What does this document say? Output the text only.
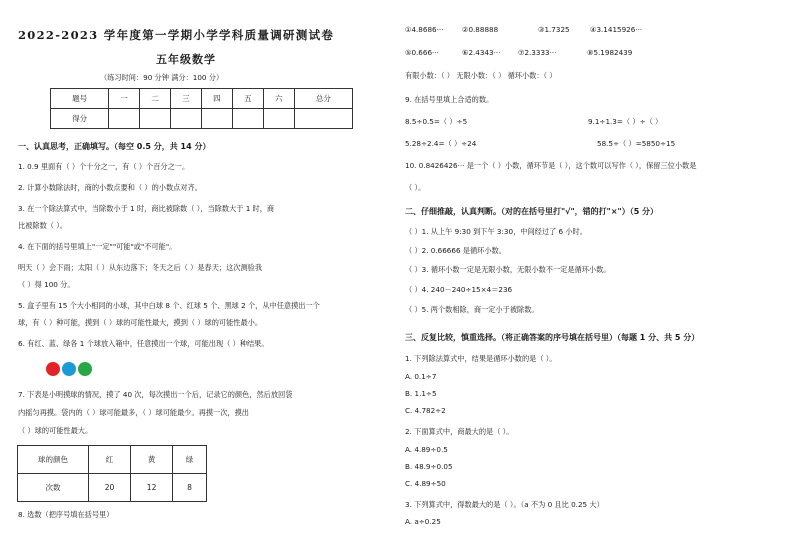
2022-2023 学年度第一学期小学学科质量调研测试卷
五年级数学
（练习时间：90 分钟 满分：100 分）
题号	一	二	三	四	五	六	总分
得分							
一、认真思考，正确填写。（每空 0.5 分，共 14 分）
1. 0.9 里面有（ ）个十分之一，有（ ）个百分之一。
2. 计算小数除法时，商的小数点要和（ ）的小数点对齐。
3. 在一个除法算式中，当除数小于 1 时，商比被除数（ ），当除数大于 1 时，商
比被除数（ ）。
4. 在下面的括号里填上"一定""可能"或"不可能"。
明天（ ）会下雨；太阳（ ）从东边落下；冬天之后（ ）是春天；这次测验我
（ ）得 100 分。
5. 盒子里有 15 个大小相同的小球，其中白球 8 个、红球 5 个、黑球 2 个，从中任意摸出一个
球，有（ ）种可能，摸到（ ）球的可能性最大，摸到（ ）球的可能性最小。
6. 有红、蓝、绿各 1 个球放入箱中，任意摸出一个球，可能出现（ ）种结果。
7. 下表是小明摸球的情况，摸了 40 次，每次摸出一个后，记录它的颜色，然后放回袋
内摇匀再摸。袋内的（ ）球可能最多，（ ）球可能最少。再摸一次，摸出
（ ）球的可能性最大。
球的颜色	红	黄	绿
次数	20	12	8
8. 选数（把序号填在括号里）
①4.8686···	②0.88888	③1.7325	④3.1415926···
⑤0.666···	⑥2.4343··· ⑦2.3333···	⑧5.1982439
有限小数：（ ） 无限小数：（ ） 循环小数：（ ）
9. 在括号里填上合适的数。
8.5÷0.5=（ ）÷5	9.1÷1.3=（ ）÷（ ）
5.28÷2.4=（ ）÷24	58.5÷（ ）=5850÷15
10. 0.8426426··· 是一个（ ）小数，循环节是（ ），这个数可以写作（ ），保留三位小数是
（ ）。
二、仔细推敲，认真判断。（对的在括号里打"√"，错的打"×"）（5 分）
（ ）1. 从上午 9:30 到下午 3:30，中间经过了 6 小时。
（ ）2. 0.66666 是循环小数。
（ ）3. 循环小数一定是无限小数，无限小数不一定是循环小数。
（ ）4. 240－240÷15×4＝236
（ ）5. 两个数相除，商一定小于被除数。
三、反复比较，慎重选择。（将正确答案的序号填在括号里）（每题 1 分、共 5 分）
1. 下列除法算式中，结果是循环小数的是（ ）。
A. 0.1÷7
B. 1.1÷5
C. 4.782÷2
2. 下面算式中，商最大的是（ ）。
A. 4.89÷0.5
B. 48.9÷0.05
C. 4.89÷50
3. 下列算式中，得数最大的是（ ）。（a 不为 0 且比 0.25 大）
A. a÷0.25
